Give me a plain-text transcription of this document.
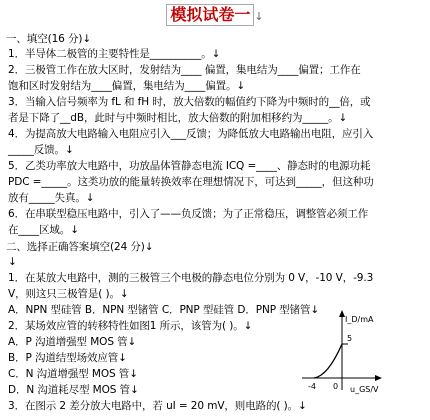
模拟试卷一 ↓
一、填空(16 分)↓
1．半导体二极管的主要特性是__________。↓
2．三极管工作在放大区时，发射结为____ 偏置，集电结为____偏置；工作在
饱和区时发射结为____偏置，集电结为____偏置。↓
3．当输入信号频率为 fL 和 fH 时，放大倍数的幅值约下降为中频时的__倍，或
者是下降了__dB，此时与中频时相比，放大倍数的附加相移约为_____。↓
4．为提高放大电路输入电阻应引入___反馈；为降低放大电路输出电阻，应引入
_____反馈。↓
5．乙类功率放大电路中，功放晶体管静态电流 ICQ =____、静态时的电源功耗
PDC =_____。这类功放的能量转换效率在理想情况下，可达到_____，但这种功
放有_____失真。↓
6．在串联型稳压电路中，引入了——负反馈；为了正常稳压，调整管必须工作
在____区域。↓
二、选择正确答案填空(24 分)↓
↓
1．在某放大电路中，测的三极管三个电极的静态电位分别为 0 V，-10 V，-9.3
V，则这只三极管是( )。↓
A．NPN 型硅管 B．NPN 型锗管 C．PNP 型硅管 D．PNP 型锗管↓
2．某场效应管的转移特性如图1 所示，该管为( )。↓
A．P 沟道增强型 MOS 管↓
B．P 沟道结型场效应管↓
C．N 沟道增强型 MOS 管↓
D．N 沟道耗尽型 MOS 管↓
3．在图示 2 差分放大电路中，若 uI = 20 mV，则电路的( )。↓
I_D/mA
5
-4 0 u_GS/V
